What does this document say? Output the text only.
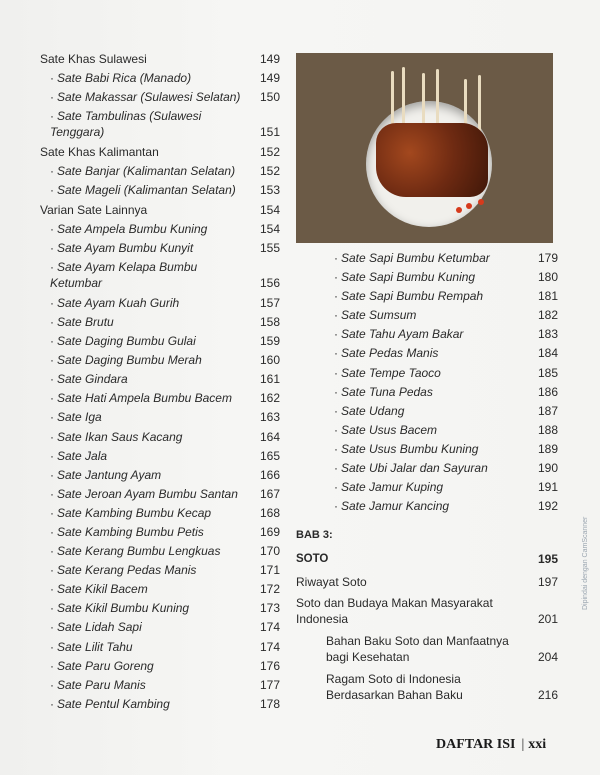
Sate Khas Sulawesi	149
· Sate Babi Rica (Manado)	149
· Sate Makassar (Sulawesi Selatan) 150
· Sate Tambulinas (Sulawesi Tenggara)	151
Sate Khas Kalimantan	152
· Sate Banjar (Kalimantan Selatan) 152
· Sate Mageli (Kalimantan Selatan) 153
Varian Sate Lainnya	154
· Sate Ampela Bumbu Kuning	154
· Sate Ayam Bumbu Kunyit	155
· Sate Ayam Kelapa Bumbu Ketumbar	156
· Sate Ayam Kuah Gurih	157
· Sate Brutu	158
· Sate Daging Bumbu Gulai	159
· Sate Daging Bumbu Merah	160
· Sate Gindara	161
· Sate Hati Ampela Bumbu Bacem 162
· Sate Iga	163
· Sate Ikan Saus Kacang	164
· Sate Jala	165
· Sate Jantung Ayam	166
· Sate Jeroan Ayam Bumbu Santan 167
· Sate Kambing Bumbu Kecap	168
· Sate Kambing Bumbu Petis	169
· Sate Kerang Bumbu Lengkuas	170
· Sate Kerang Pedas Manis	171
· Sate Kikil Bacem	172
· Sate Kikil Bumbu Kuning	173
· Sate Lidah Sapi	174
· Sate Lilit Tahu	174
· Sate Paru Goreng	176
· Sate Paru Manis	177
· Sate Pentul Kambing	178
· Sate Sapi Bumbu Ketumbar	179
· Sate Sapi Bumbu Kuning	180
· Sate Sapi Bumbu Rempah	181
· Sate Sumsum	182
· Sate Tahu Ayam Bakar	183
· Sate Pedas Manis	184
· Sate Tempe Taoco	185
· Sate Tuna Pedas	186
· Sate Udang	187
· Sate Usus Bacem	188
· Sate Usus Bumbu Kuning	189
· Sate Ubi Jalar dan Sayuran	190
· Sate Jamur Kuping	191
· Sate Jamur Kancing	192
BAB 3:
SOTO	195
Riwayat Soto	197
Soto dan Budaya Makan Masyarakat Indonesia	201
Bahan Baku Soto dan Manfaatnya bagi Kesehatan	204
Ragam Soto di Indonesia Berdasarkan Bahan Baku	216
DAFTAR ISI | xxi
Dipindai dengan CamScanner
